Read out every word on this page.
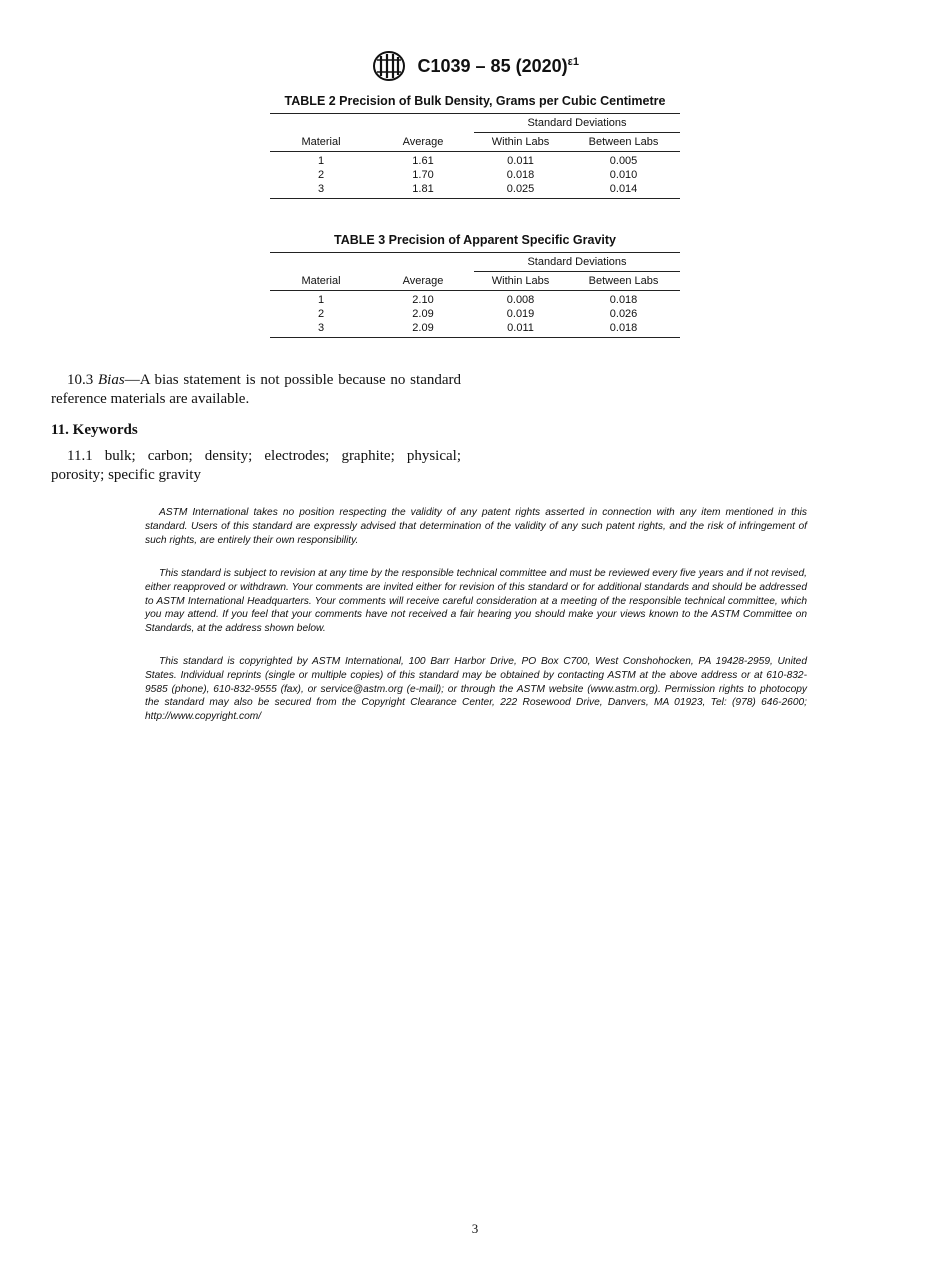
C1039 – 85 $(2020)^{\varepsilon 1}$
TABLE 2 Precision of Bulk Density, Grams per Cubic Centimetre
		Standard Deviations	
Material	Average	Within Labs	Between Labs
1	1.61	0.011	0.005
2	1.70	0.018	0.010
3	1.81	0.025	0.014
TABLE 3 Precision of Apparent Specific Gravity
		Standard Deviations	
Material	Average	Within Labs	Between Labs
1	2.10	0.008	0.018
2	2.09	0.019	0.026
3	2.09	0.011	0.018
10.3 Bias—A bias statement is not possible because no standard reference materials are available.
11. Keywords
11.1 bulk; carbon; density; electrodes; graphite; physical; porosity; specific gravity
ASTM International takes no position respecting the validity of any patent rights asserted in connection with any item mentioned in this standard. Users of this standard are expressly advised that determination of the validity of any such patent rights, and the risk of infringement of such rights, are entirely their own responsibility.
This standard is subject to revision at any time by the responsible technical committee and must be reviewed every five years and if not revised, either reapproved or withdrawn. Your comments are invited either for revision of this standard or for additional standards and should be addressed to ASTM International Headquarters. Your comments will receive careful consideration at a meeting of the responsible technical committee, which you may attend. If you feel that your comments have not received a fair hearing you should make your views known to the ASTM Committee on Standards, at the address shown below.
This standard is copyrighted by ASTM International, 100 Barr Harbor Drive, PO Box C700, West Conshohocken, PA 19428-2959, United States. Individual reprints (single or multiple copies) of this standard may be obtained by contacting ASTM at the above address or at 610-832-9585 (phone), 610-832-9555 (fax), or service@astm.org (e-mail); or through the ASTM website (www.astm.org). Permission rights to photocopy the standard may also be secured from the Copyright Clearance Center, 222 Rosewood Drive, Danvers, MA 01923, Tel: (978) 646-2600; http://www.copyright.com/
3
